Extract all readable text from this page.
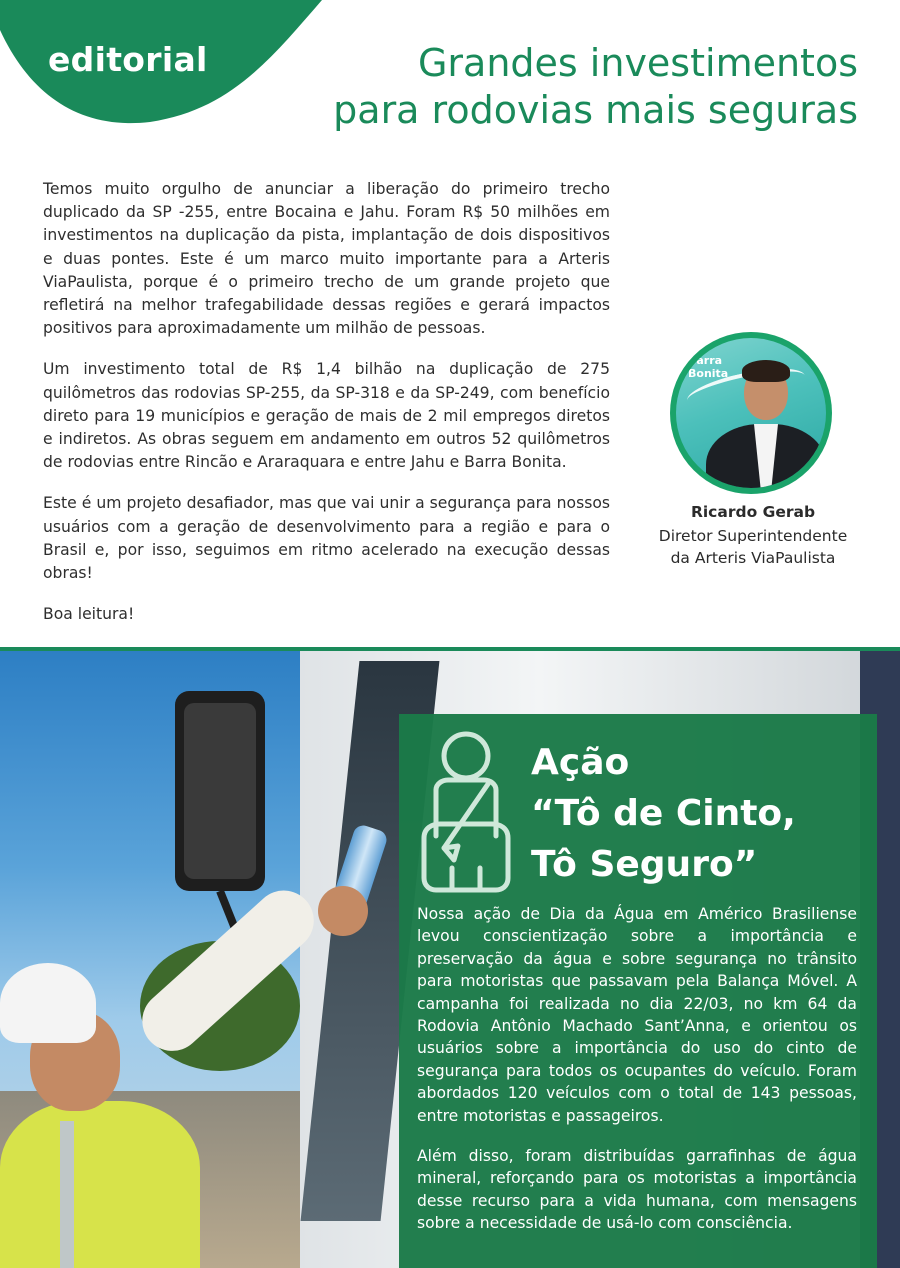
editorial	Grandes investimentos
para rodovias mais seguras

Temos muito orgulho de anunciar a liberação do primeiro trecho duplicado da SP -255, entre Bocaina e Jahu. Foram R$ 50 milhões em investimentos na duplicação da pista, implantação de dois dispositivos e duas pontes. Este é um marco muito importante para a Arteris ViaPaulista, porque é o primeiro trecho de um grande projeto que refletirá na melhor trafegabilidade dessas regiões e gerará impactos positivos para aproximadamente um milhão de pessoas.

Um investimento total de R$ 1,4 bilhão na duplicação de 275 quilômetros das rodovias SP-255, da SP-318 e da SP-249, com benefício direto para 19 municípios e geração de mais de 2 mil empregos diretos e indiretos. As obras seguem em andamento em outros 52 quilômetros de rodovias entre Rincão e Araraquara e entre Jahu e Barra Bonita.

Este é um projeto desafiador, mas que vai unir a segurança para nossos usuários com a geração de desenvolvimento para a região e para o Brasil e, por isso, seguimos em ritmo acelerado na execução dessas obras!

Boa leitura!

Barra
Bonita
Ricardo Gerab
Diretor Superintendente
da Arteris ViaPaulista
Ação
“Tô de Cinto,
Tô Seguro”

Nossa ação de Dia da Água em Américo Brasiliense levou conscientização sobre a importância e preservação da água e sobre segurança no trânsito para motoristas que passavam pela Balança Móvel. A campanha foi realizada no dia 22/03, no km 64 da Rodovia Antônio Machado Sant’Anna, e orientou os usuários sobre a importância do uso do cinto de segurança para todos os ocupantes do veículo. Foram abordados 120 veículos com o total de 143 pessoas, entre motoristas e passageiros.

Além disso, foram distribuídas garrafinhas de água mineral, reforçando para os motoristas a importância desse recurso para a vida humana, com mensagens sobre a necessidade de usá-lo com consciência.
